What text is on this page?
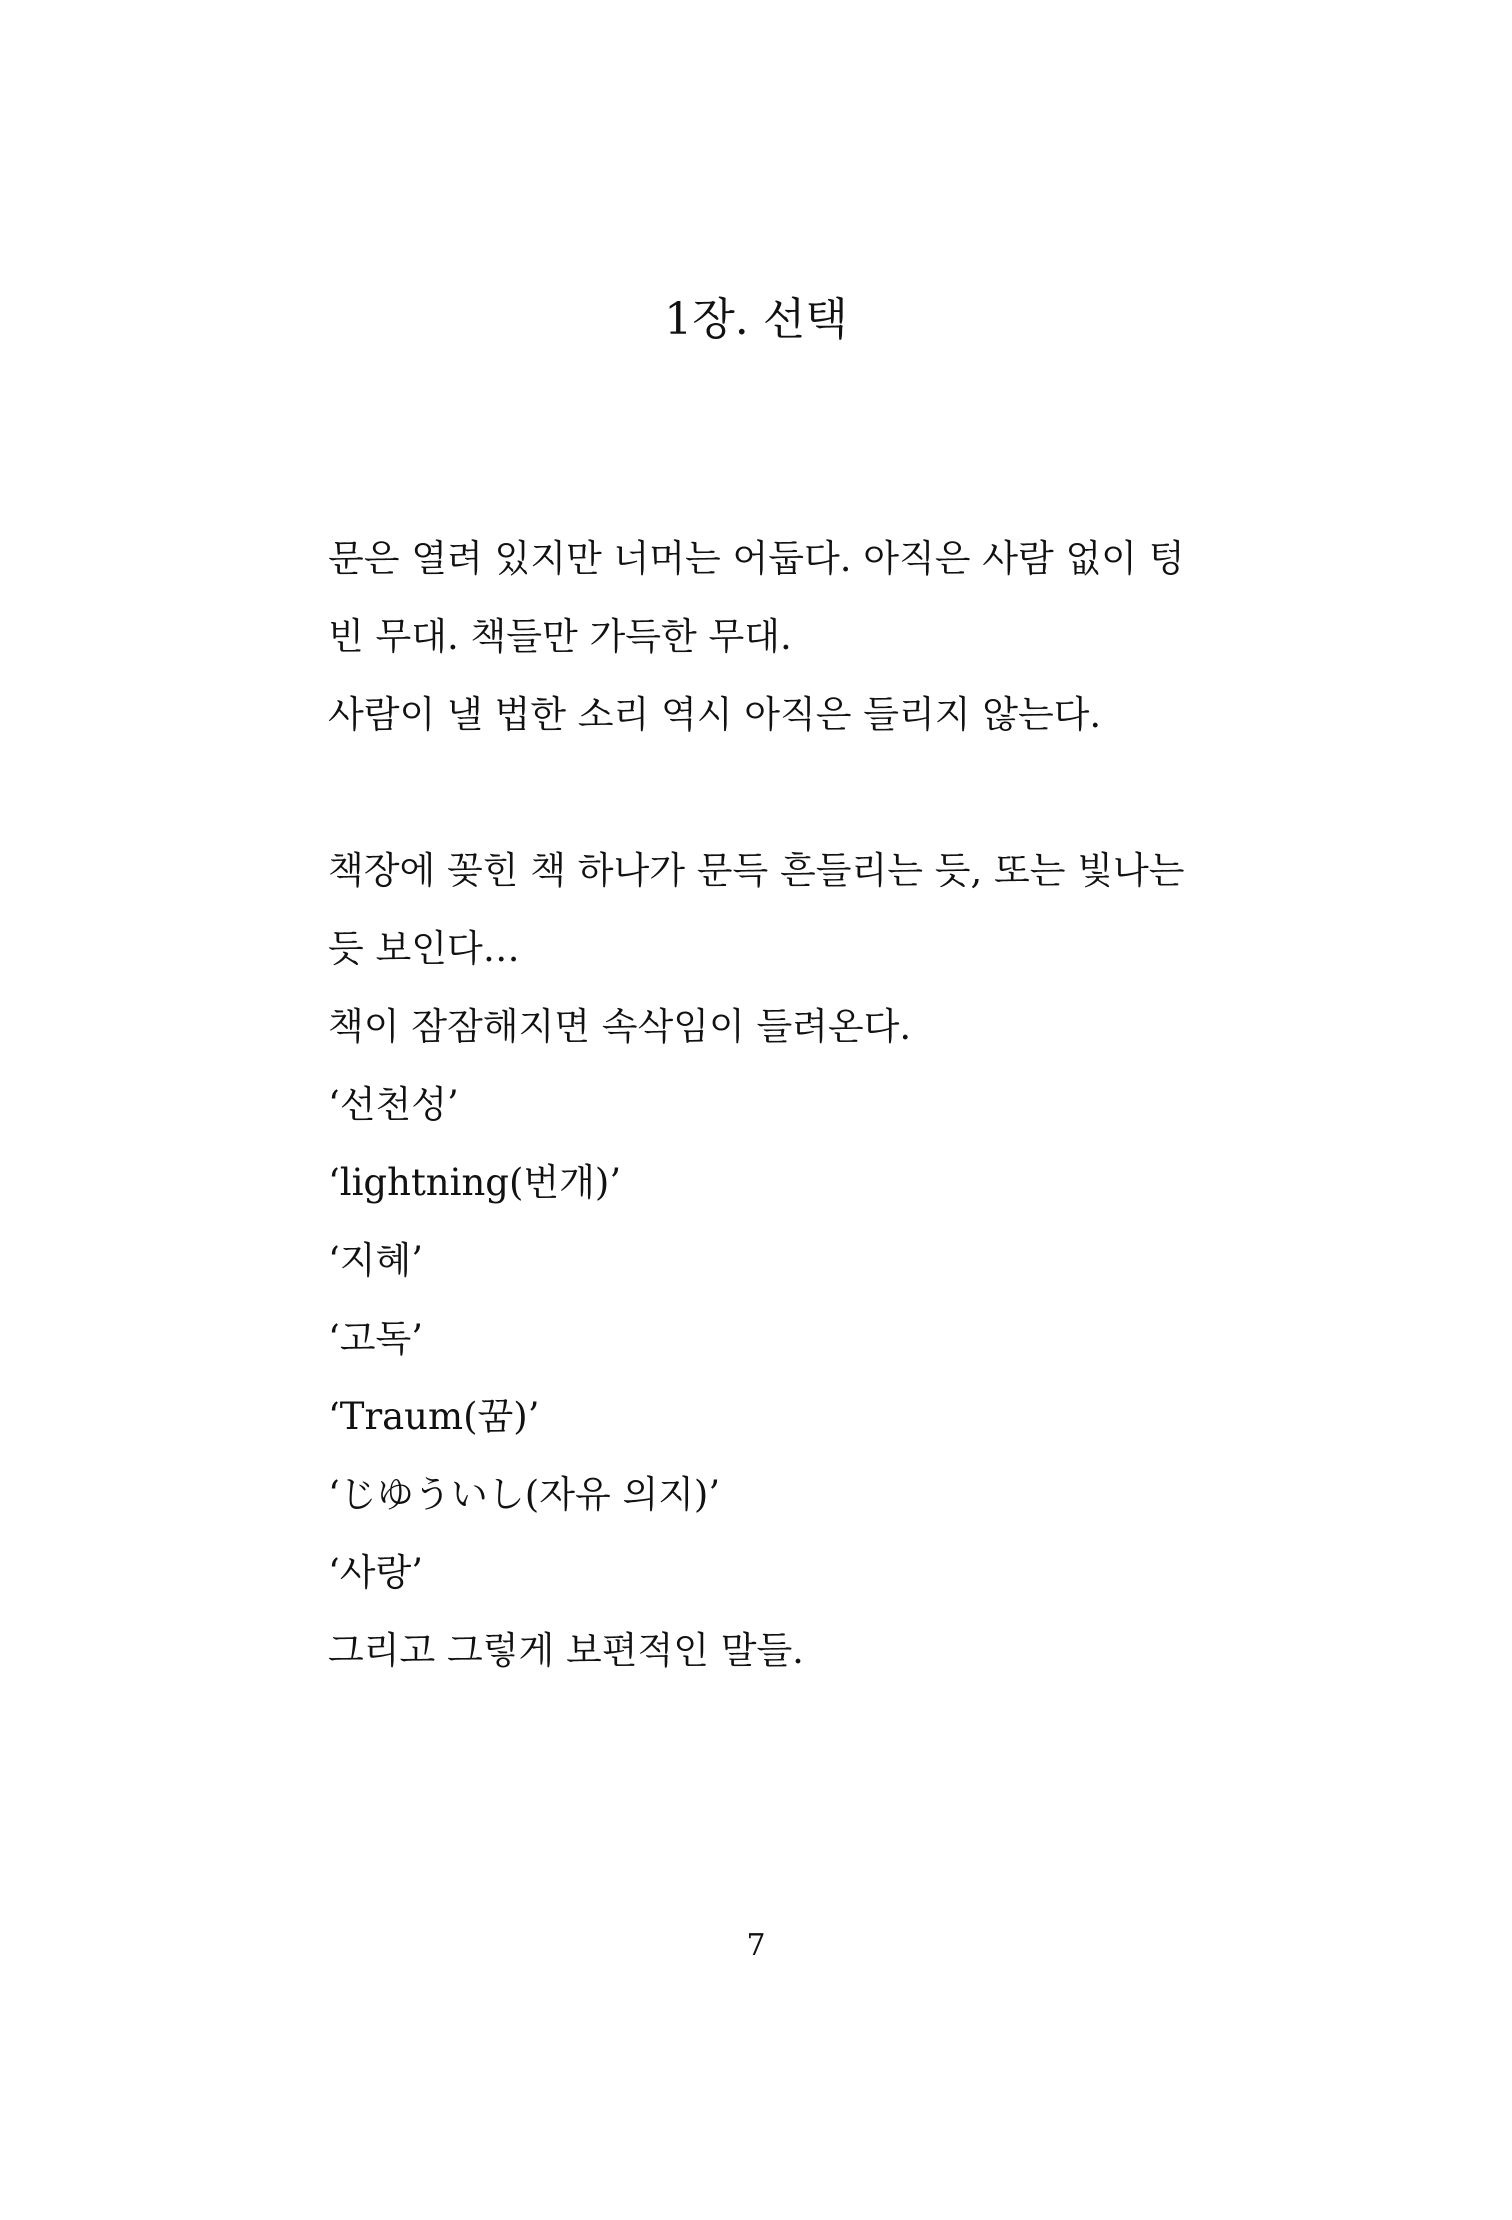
1장. 선택
문은 열려 있지만 너머는 어둡다. 아직은 사람 없이 텅
빈 무대. 책들만 가득한 무대.
사람이 낼 법한 소리 역시 아직은 들리지 않는다.
책장에 꽂힌 책 하나가 문득 흔들리는 듯, 또는 빛나는
듯 보인다…
책이 잠잠해지면 속삭임이 들려온다.
‘선천성’
‘lightning(번개)’
‘지혜’
‘고독’
‘Traum(꿈)’
‘じゆういし(자유 의지)’
‘사랑’
그리고 그렇게 보편적인 말들.
7
